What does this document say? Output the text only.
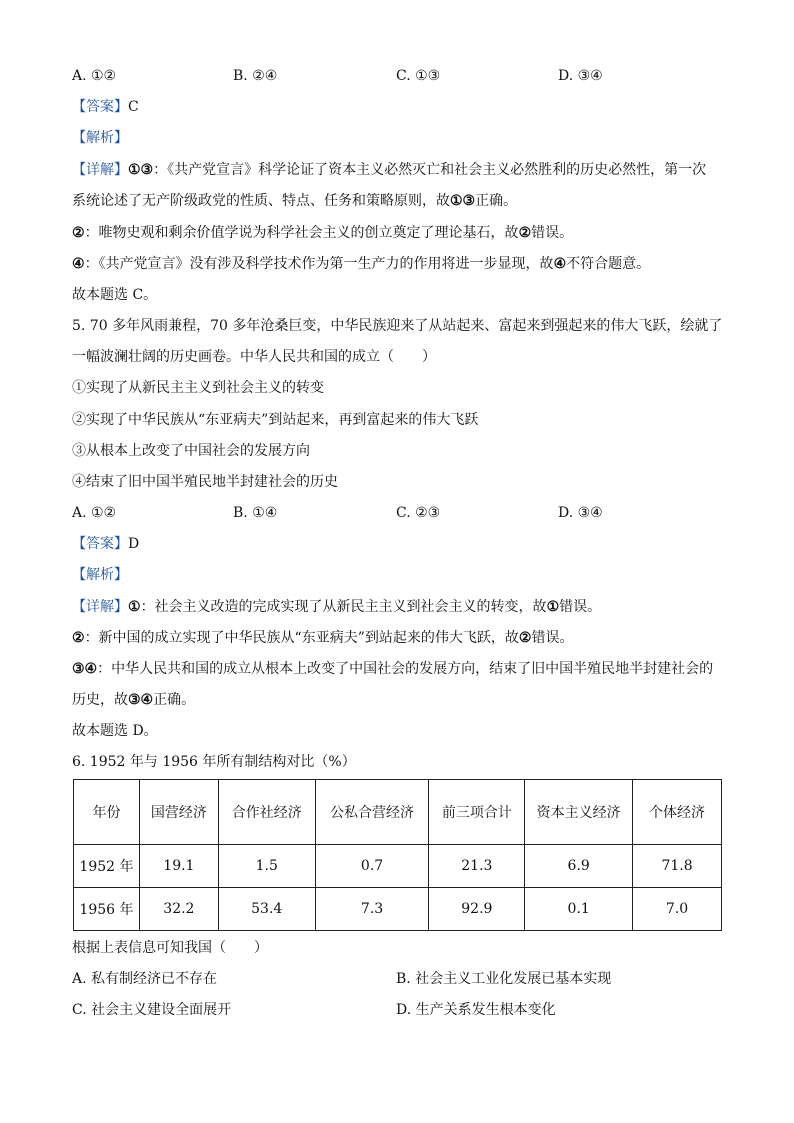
A. ①②	B. ②④	C. ①③	D. ③④
【答案】C
【解析】
【详解】①③：《共产党宣言》科学论证了资本主义必然灭亡和社会主义必然胜利的历史必然性，第一次
系统论述了无产阶级政党的性质、特点、任务和策略原则，故①③正确。
②：唯物史观和剩余价值学说为科学社会主义的创立奠定了理论基石，故②错误。
④：《共产党宣言》没有涉及科学技术作为第一生产力的作用将进一步显现，故④不符合题意。
故本题选 C。
5. 70 多年风雨兼程，70 多年沧桑巨变，中华民族迎来了从站起来、富起来到强起来的伟大飞跃，绘就了
一幅波澜壮阔的历史画卷。中华人民共和国的成立（　　）
①实现了从新民主主义到社会主义的转变
②实现了中华民族从“东亚病夫”到站起来，再到富起来的伟大飞跃
③从根本上改变了中国社会的发展方向
④结束了旧中国半殖民地半封建社会的历史
A. ①②	B. ①④	C. ②③	D. ③④
【答案】D
【解析】
【详解】①：社会主义改造的完成实现了从新民主主义到社会主义的转变，故①错误。
②：新中国的成立实现了中华民族从“东亚病夫”到站起来的伟大飞跃，故②错误。
③④：中华人民共和国的成立从根本上改变了中国社会的发展方向，结束了旧中国半殖民地半封建社会的
历史，故③④正确。
故本题选 D。
6. 1952 年与 1956 年所有制结构对比（%）
年份	国营经济	合作社经济	公私合营经济	前三项合计	资本主义经济	个体经济
1952 年	19.1	1.5	0.7	21.3	6.9	71.8
1956 年	32.2	53.4	7.3	92.9	0.1	7.0
根据上表信息可知我国（　　）
A. 私有制经济已不存在	B. 社会主义工业化发展已基本实现
C. 社会主义建设全面展开	D. 生产关系发生根本变化
